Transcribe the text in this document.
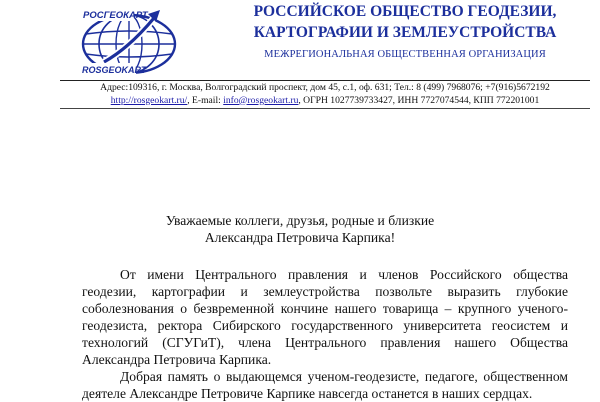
РОСГЕОКАРТ
ROSGEOKART
РОССИЙСКОЕ ОБЩЕСТВО ГЕОДЕЗИИ,
КАРТОГРАФИИ И ЗЕМЛЕУСТРОЙСТВА
МЕЖРЕГИОНАЛЬНАЯ ОБЩЕСТВЕННАЯ ОРГАНИЗАЦИЯ
Адрес:109316, г. Москва, Волгоградский проспект, дом 45, с.1, оф. 631; Тел.: 8 (499) 7968076; +7(916)5672192
http://rosgeokart.ru/, E-mail: info@rosgeokart.ru, ОГРН 1027739733427, ИНН 7727074544, КПП 772201001
Уважаемые коллеги, друзья, родные и близкие
Александра Петровича Карпика!

От имени Центрального правления и членов Российского общества геодезии, картографии и землеустройства позвольте выразить глубокие соболезнования о безвременной кончине нашего товарища – крупного ученого-геодезиста, ректора Сибирского государственного университета геосистем и технологий (СГУГиТ), члена Центрального правления нашего Общества Александра Петровича Карпика.

Добрая память о выдающемся ученом-геодезисте, педагоге, общественном деятеле Александре Петровиче Карпике навсегда останется в наших сердцах.
